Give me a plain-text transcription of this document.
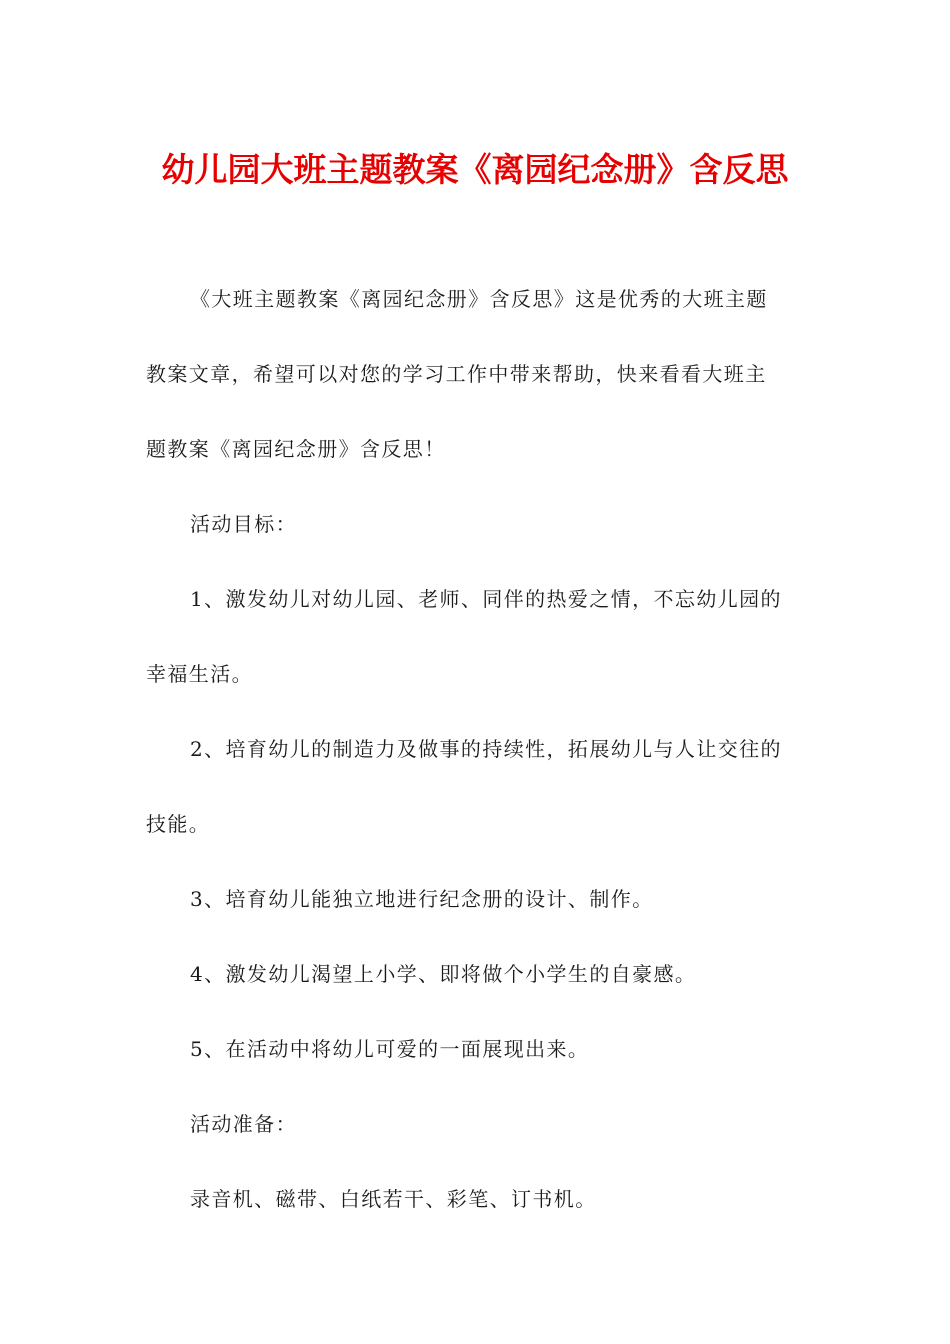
幼儿园大班主题教案《离园纪念册》含反思

《大班主题教案《离园纪念册》含反思》这是优秀的大班主题
教案文章，希望可以对您的学习工作中带来帮助，快来看看大班主
题教案《离园纪念册》含反思！

活动目标：

1、激发幼儿对幼儿园、老师、同伴的热爱之情，不忘幼儿园的
幸福生活。

2、培育幼儿的制造力及做事的持续性，拓展幼儿与人让交往的
技能。

3、培育幼儿能独立地进行纪念册的设计、制作。

4、激发幼儿渴望上小学、即将做个小学生的自豪感。

5、在活动中将幼儿可爱的一面展现出来。

活动准备：

录音机、磁带、白纸若干、彩笔、订书机。
